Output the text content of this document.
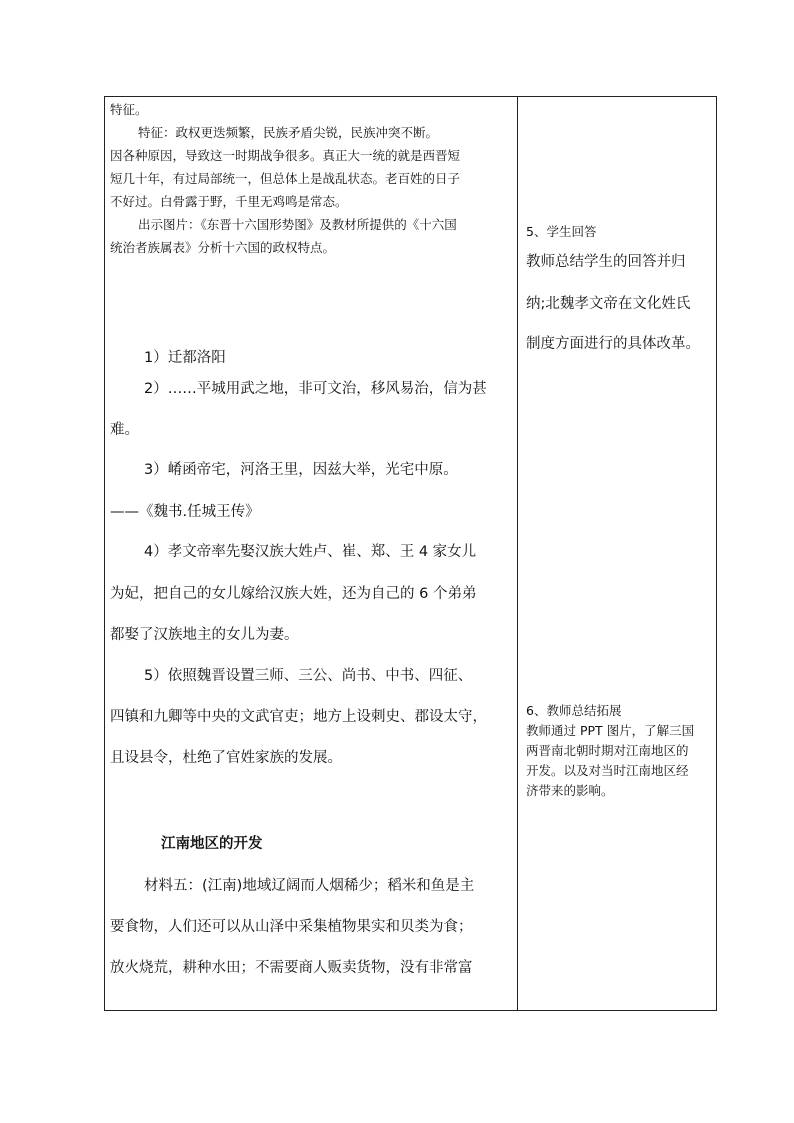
特征。

特征：政权更迭频繁，民族矛盾尖锐，民族冲突不断。

因各种原因，导致这一时期战争很多。真正大一统的就是西晋短

短几十年，有过局部统一，但总体上是战乱状态。老百姓的日子

不好过。白骨露于野，千里无鸡鸣是常态。

出示图片：《东晋十六国形势图》及教材所提供的《十六国

统治者族属表》分析十六国的政权特点。

1）迁都洛阳

2）……平城用武之地，非可文治，移风易治，信为甚

难。

3）崤函帝宅，河洛王里，因兹大举，光宅中原。

——《魏书.任城王传》

4）孝文帝率先娶汉族大姓卢、崔、郑、王 4 家女儿

为妃，把自己的女儿嫁给汉族大姓，还为自己的 6 个弟弟

都娶了汉族地主的女儿为妻。

5）依照魏晋设置三师、三公、尚书、中书、四征、

四镇和九卿等中央的文武官吏；地方上设刺史、郡设太守，

且设县令，杜绝了官姓家族的发展。

江南地区的开发

材料五：(江南)地域辽阔而人烟稀少；稻米和鱼是主

要食物，人们还可以从山泽中采集植物果实和贝类为食；

放火烧荒，耕种水田；不需要商人贩卖货物，没有非常富

5、学生回答

教师总结学生的回答并归

纳;北魏孝文帝在文化姓氏

制度方面进行的具体改革。

6、教师总结拓展

教师通过 PPT 图片，了解三国

两晋南北朝时期对江南地区的

开发。以及对当时江南地区经

济带来的影响。
